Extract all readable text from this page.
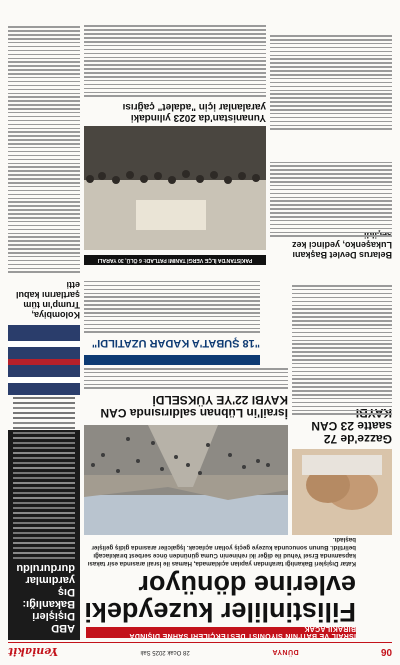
06
DÜNYA
28 Ocak 2025 Salı
Yeniakit
İSRAİL VE BATI'NIN SİYONİST DESTEKÇİLERİ SAHNE DIŞINDA BIRAKILACAK
Filistinliler kuzeydeki evlerine dönüyor
Katar Dışişleri Bakanlığı tarafından yapılan açıklamada, Hamas ile İsrail arasında esir takası kapsamında Ersel Yehud ile diğer iki rehinenin Cuma gününden önce serbest bırakılacağı belirtildi. Bunun sonucunda kuzeye geçiş yolları açılacak. İşgalciler arasında gidiş gelişler başladı.
ABD Dışişleri Bakanlığı: Dış yardımlar durduruldu
Gazze'de 72 saatte 23 CAN
İsrail'in Lübnan saldırısında CAN KAYBI 22'YE YÜKSELDİ
"18 ŞUBAT'A KADAR UZATILDI"
Belarus Devlet Başkanı Lukaşenko, yedinci kez
PAKİSTAN'DA İLÇE VERGİ TANIMI PATLADI: 6 ÖLÜ, 30 YARALI
Yunanistan'da 2023 yılındaki yaralanlar için "adalet" çağrısı
Kolombiya, Trump'ın tüm şartlarını kabul etti
